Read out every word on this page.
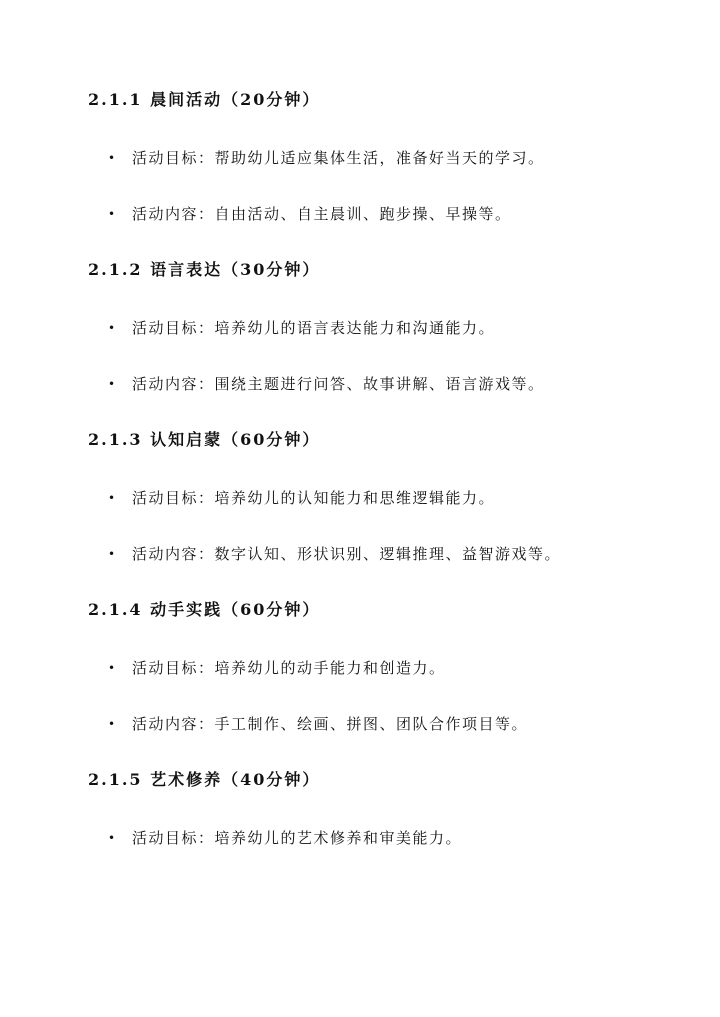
2.1.1 晨间活动（20分钟）
• 活动目标：帮助幼儿适应集体生活，准备好当天的学习。
• 活动内容：自由活动、自主晨训、跑步操、早操等。
2.1.2 语言表达（30分钟）
• 活动目标：培养幼儿的语言表达能力和沟通能力。
• 活动内容：围绕主题进行问答、故事讲解、语言游戏等。
2.1.3 认知启蒙（60分钟）
• 活动目标：培养幼儿的认知能力和思维逻辑能力。
• 活动内容：数字认知、形状识别、逻辑推理、益智游戏等。
2.1.4 动手实践（60分钟）
• 活动目标：培养幼儿的动手能力和创造力。
• 活动内容：手工制作、绘画、拼图、团队合作项目等。
2.1.5 艺术修养（40分钟）
• 活动目标：培养幼儿的艺术修养和审美能力。
